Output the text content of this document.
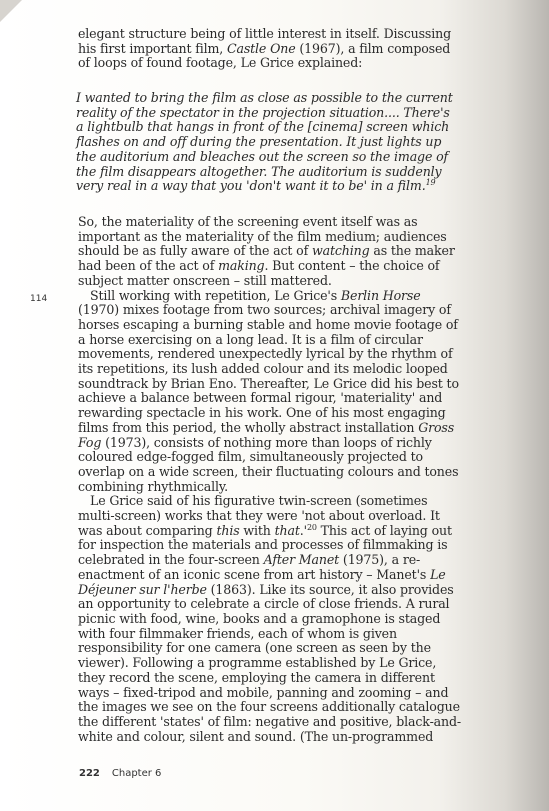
elegant structure being of little interest in itself. Discussing his first important film, Castle One (1967), a film composed of loops of found footage, Le Grice explained:

I wanted to bring the film as close as possible to the current reality of the spectator in the projection situation.... There's a lightbulb that hangs in front of the [cinema] screen which flashes on and off during the presentation. It just lights up the auditorium and bleaches out the screen so the image of the film disappears altogether. The auditorium is suddenly very real in a way that you 'don't want it to be' in a film.$^{19}$

So, the materiality of the screening event itself was as important as the materiality of the film medium; audiences should be as fully aware of the act of watching as the maker had been of the act of making. But content – the choice of subject matter onscreen – still mattered.

Still working with repetition, Le Grice's Berlin Horse (1970) mixes footage from two sources; archival imagery of horses escaping a burning stable and home movie footage of a horse exercising on a long lead. It is a film of circular movements, rendered unexpectedly lyrical by the rhythm of its repetitions, its lush added colour and its melodic looped soundtrack by Brian Eno. Thereafter, Le Grice did his best to achieve a balance between formal rigour, 'materiality' and rewarding spectacle in his work. One of his most engaging films from this period, the wholly abstract installation Gross Fog (1973), consists of nothing more than loops of richly coloured edge-fogged film, simultaneously projected to overlap on a wide screen, their fluctuating colours and tones combining rhythmically.

Le Grice said of his figurative twin-screen (sometimes multi-screen) works that they were 'not about overload. It was about comparing this with that.'$^{20}$ This act of laying out for inspection the materials and processes of filmmaking is celebrated in the four-screen After Manet (1975), a re-enactment of an iconic scene from art history – Manet's Le Déjeuner sur l'herbe (1863). Like its source, it also provides an opportunity to celebrate a circle of close friends. A rural picnic with food, wine, books and a gramophone is staged with four filmmaker friends, each of whom is given responsibility for one camera (one screen as seen by the viewer). Following a programme established by Le Grice, they record the scene, employing the camera in different ways – fixed-tripod and mobile, panning and zooming – and the images we see on the four screens additionally catalogue the different 'states' of film: negative and positive, black-and-white and colour, silent and sound. (The un-programmed

114
222 Chapter 6
